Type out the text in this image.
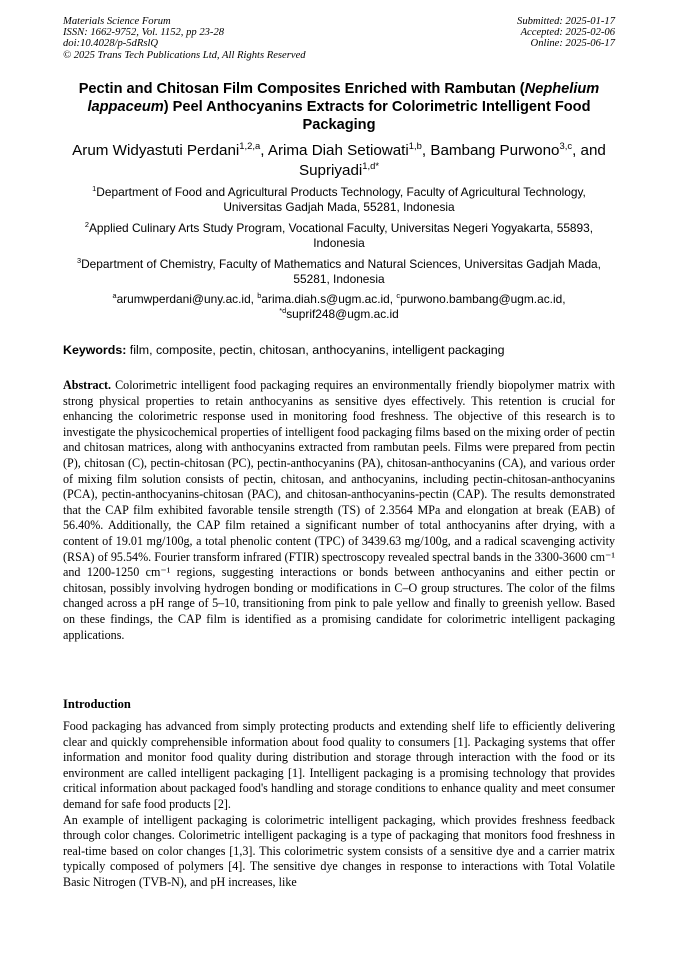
Materials Science Forum
ISSN: 1662-9752, Vol. 1152, pp 23-28
doi:10.4028/p-5dRslQ
© 2025 Trans Tech Publications Ltd, All Rights Reserved
Submitted: 2025-01-17
Accepted: 2025-02-06
Online: 2025-06-17
Pectin and Chitosan Film Composites Enriched with Rambutan (Nephelium lappaceum) Peel Anthocyanins Extracts for Colorimetric Intelligent Food Packaging
Arum Widyastuti Perdani$^{1,2,a}$, Arima Diah Setiowati$^{1,b}$, Bambang Purwono$^{3,c}$, and Supriyadi$^{1,d*}$
$^1$Department of Food and Agricultural Products Technology, Faculty of Agricultural Technology, Universitas Gadjah Mada, 55281, Indonesia
$^2$Applied Culinary Arts Study Program, Vocational Faculty, Universitas Negeri Yogyakarta, 55893, Indonesia
$^3$Department of Chemistry, Faculty of Mathematics and Natural Sciences, Universitas Gadjah Mada, 55281, Indonesia
$^a$arumwperdani@uny.ac.id, $^b$arima.diah.s@ugm.ac.id, $^c$purwono.bambang@ugm.ac.id,
$^{*d}$suprif248@ugm.ac.id
Keywords: film, composite, pectin, chitosan, anthocyanins, intelligent packaging
Abstract. Colorimetric intelligent food packaging requires an environmentally friendly biopolymer matrix with strong physical properties to retain anthocyanins as sensitive dyes effectively. This retention is crucial for enhancing the colorimetric response used in monitoring food freshness. The objective of this research is to investigate the physicochemical properties of intelligent food packaging films based on the mixing order of pectin and chitosan matrices, along with anthocyanins extracted from rambutan peels. Films were prepared from pectin (P), chitosan (C), pectin-chitosan (PC), pectin-anthocyanins (PA), chitosan-anthocyanins (CA), and various order of mixing film solution consists of pectin, chitosan, and anthocyanins, including pectin-chitosan-anthocyanins (PCA), pectin-anthocyanins-chitosan (PAC), and chitosan-anthocyanins-pectin (CAP). The results demonstrated that the CAP film exhibited favorable tensile strength (TS) of 2.3564 MPa and elongation at break (EAB) of 56.40%. Additionally, the CAP film retained a significant number of total anthocyanins after drying, with a content of 19.01 mg/100g, a total phenolic content (TPC) of 3439.63 mg/100g, and a radical scavenging activity (RSA) of 95.54%. Fourier transform infrared (FTIR) spectroscopy revealed spectral bands in the 3300-3600 cm⁻¹ and 1200-1250 cm⁻¹ regions, suggesting interactions or bonds between anthocyanins and either pectin or chitosan, possibly involving hydrogen bonding or modifications in C–O group structures. The color of the films changed across a pH range of 5–10, transitioning from pink to pale yellow and finally to greenish yellow. Based on these findings, the CAP film is identified as a promising candidate for colorimetric intelligent packaging applications.
Introduction

Food packaging has advanced from simply protecting products and extending shelf life to efficiently delivering clear and quickly comprehensible information about food quality to consumers [1]. Packaging systems that offer information and monitor food quality during distribution and storage through interaction with the food or its environment are called intelligent packaging [1]. Intelligent packaging is a promising technology that provides critical information about packaged food's handling and storage conditions to enhance quality and meet consumer demand for safe food products [2].

An example of intelligent packaging is colorimetric intelligent packaging, which provides freshness feedback through color changes. Colorimetric intelligent packaging is a type of packaging that monitors food freshness in real-time based on color changes [1,3]. This colorimetric system consists of a sensitive dye and a carrier matrix typically composed of polymers [4]. The sensitive dye changes in response to interactions with Total Volatile Basic Nitrogen (TVB-N), and pH increases, like
